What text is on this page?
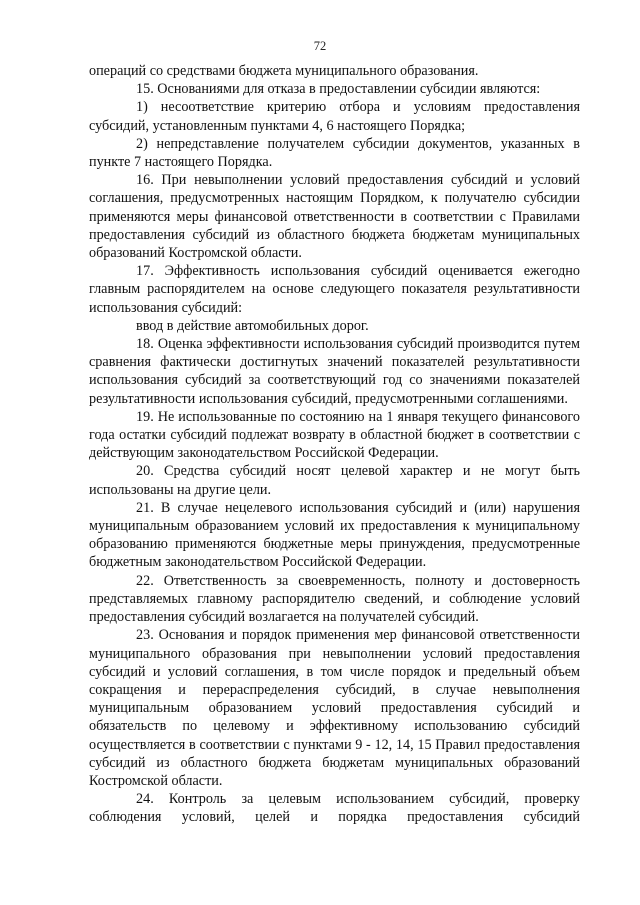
72

операций со средствами бюджета муниципального образования.

15. Основаниями для отказа в предоставлении субсидии являются:

1) несоответствие критерию отбора и условиям предоставления субсидий, установленным пунктами 4, 6 настоящего Порядка;

2) непредставление получателем субсидии документов, указанных в пункте 7 настоящего Порядка.

16. При невыполнении условий предоставления субсидий и условий соглашения, предусмотренных настоящим Порядком, к получателю субсидии применяются меры финансовой ответственности в соответствии с Правилами предоставления субсидий из областного бюджета бюджетам муниципальных образований Костромской области.

17. Эффективность использования субсидий оценивается ежегодно главным распорядителем на основе следующего показателя результативности использования субсидий:

ввод в действие автомобильных дорог.

18. Оценка эффективности использования субсидий производится путем сравнения фактически достигнутых значений показателей результативности использования субсидий за соответствующий год со значениями показателей результативности использования субсидий, предусмотренными соглашениями.

19. Не использованные по состоянию на 1 января текущего финансового года остатки субсидий подлежат возврату в областной бюджет в соответствии с действующим законодательством Российской Федерации.

20. Средства субсидий носят целевой характер и не могут быть использованы на другие цели.

21. В случае нецелевого использования субсидий и (или) нарушения муниципальным образованием условий их предоставления к муниципальному образованию применяются бюджетные меры принуждения, предусмотренные бюджетным законодательством Российской Федерации.

22. Ответственность за своевременность, полноту и достоверность представляемых главному распорядителю сведений, и соблюдение условий предоставления субсидий возлагается на получателей субсидий.

23. Основания и порядок применения мер финансовой ответственности муниципального образования при невыполнении условий предоставления субсидий и условий соглашения, в том числе порядок и предельный объем сокращения и перераспределения субсидий, в случае невыполнения муниципальным образованием условий предоставления субсидий и обязательств по целевому и эффективному использованию субсидий осуществляется в соответствии с пунктами 9 - 12, 14, 15 Правил предоставления субсидий из областного бюджета бюджетам муниципальных образований Костромской области.

24. Контроль за целевым использованием субсидий, проверку соблюдения условий, целей и порядка предоставления субсидий
